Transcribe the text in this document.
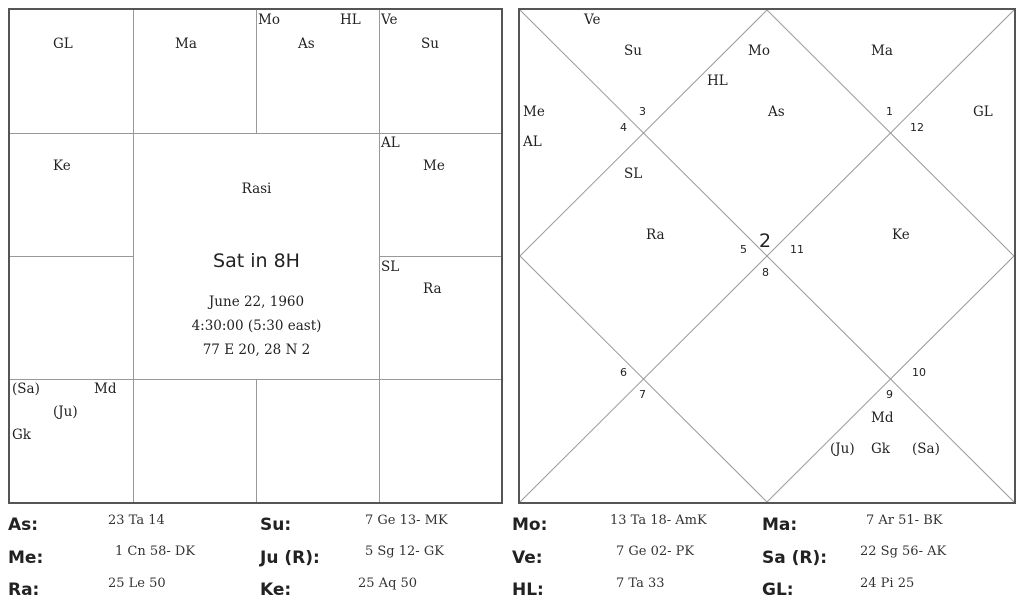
GL	Ma
Mo	HL
As
Ve
Su
Ke
AL
Me
SL
Ra
(Sa)	Md
(Ju)
Gk
Rasi
Sat in 8H
June 22, 1960
4:30:00 (5:30 east)
77 E 20, 28 N 2
Ve
Su	Mo	Ma
HL
As
Me
AL
GL
SL
Ra	Ke
Md
(Ju) Gk (Sa)
3
4
1
12
5 2 11
8
6
7
10
9
As:	23 Ta 14	Su:	7 Ge 13- MK	Mo:	13 Ta 18- AmK	Ma:	7 Ar 51- BK
Me:	1 Cn 58- DK	Ju (R):	5 Sg 12- GK	Ve:	7 Ge 02- PK	Sa (R):	22 Sg 56- AK
Ra:	25 Le 50	Ke:	25 Aq 50	HL:	7 Ta 33	GL:	24 Pi 25
